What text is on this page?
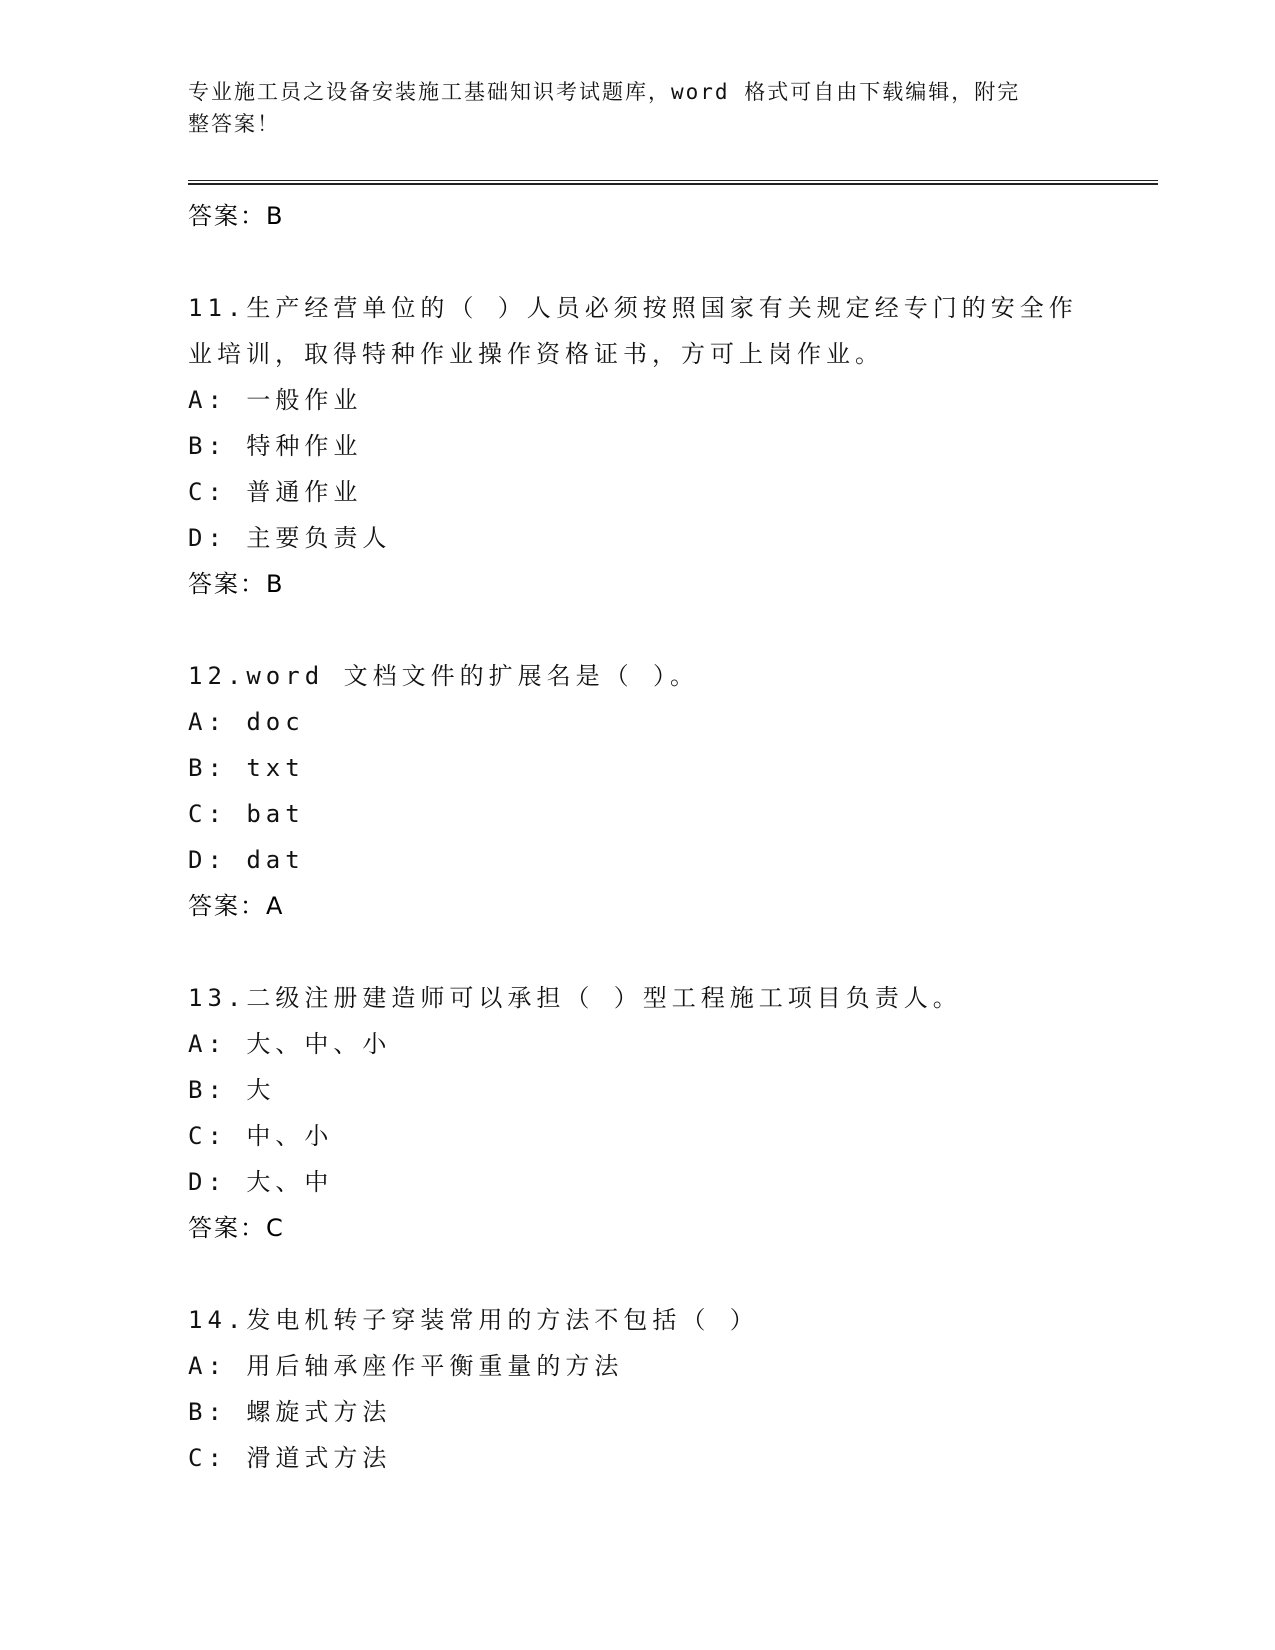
专业施工员之设备安装施工基础知识考试题库，word 格式可自由下载编辑，附完
整答案！
答案：B
11.生产经营单位的（ ）人员必须按照国家有关规定经专门的安全作
业培训，取得特种作业操作资格证书，方可上岗作业。
A: 一般作业
B: 特种作业
C: 普通作业
D: 主要负责人
答案：B
12.word 文档文件的扩展名是（ ）。
A: doc
B: txt
C: bat
D: dat
答案：A
13.二级注册建造师可以承担（ ）型工程施工项目负责人。
A: 大、中、小
B: 大
C: 中、小
D: 大、中
答案：C
14.发电机转子穿装常用的方法不包括（ ）
A: 用后轴承座作平衡重量的方法
B: 螺旋式方法
C: 滑道式方法
